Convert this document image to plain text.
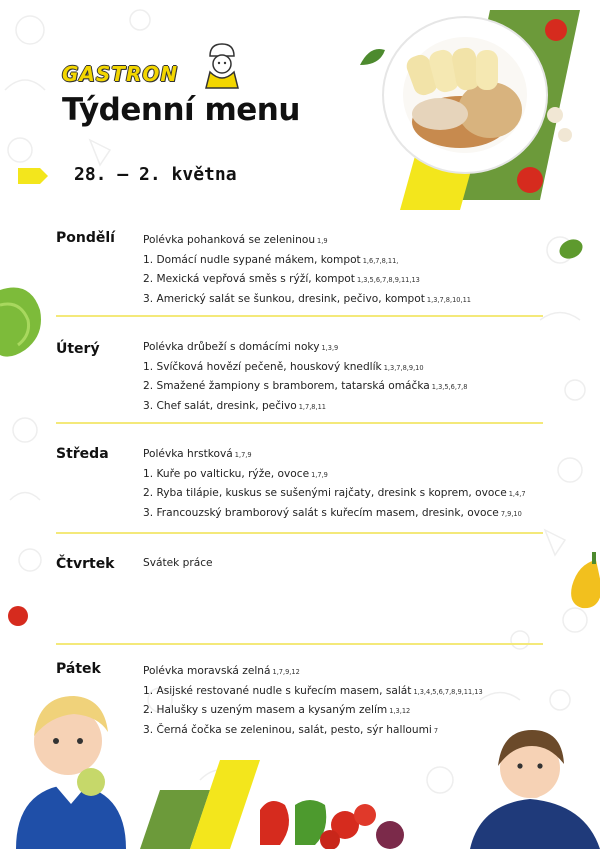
GASTRON
Týdenní menu
28. – 2. května
Pondělí	Polévka pohanková se zeleninou 1,9
1. Domácí nudle sypané mákem, kompot 1,6,7,8,11,
2. Mexická vepřová směs s rýží, kompot 1,3,5,6,7,8,9,11,13
3. Americký salát se šunkou, dresink, pečivo, kompot 1,3,7,8,10,11
Úterý	Polévka drůbeží s domácími noky 1,3,9
1. Svíčková hovězí pečeně, houskový knedlík 1,3,7,8,9,10
2. Smažené žampiony s bramborem, tatarská omáčka 1,3,5,6,7,8
3. Chef salát, dresink, pečivo 1,7,8,11
Středa	Polévka hrstková 1,7,9
1. Kuře po valticku, rýže, ovoce 1,7,9
2. Ryba tilápie, kuskus se sušenými rajčaty, dresink s koprem, ovoce 1,4,7
3. Francouzský bramborový salát s kuřecím masem, dresink, ovoce 7,9,10
Čtvrtek	Svátek práce
Pátek	Polévka moravská zelná 1,7,9,12
1. Asijské restované nudle s kuřecím masem, salát 1,3,4,5,6,7,8,9,11,13
2. Halušky s uzeným masem a kysaným zelím 1,3,12
3. Černá čočka se zeleninou, salát, pesto, sýr halloumi 7
